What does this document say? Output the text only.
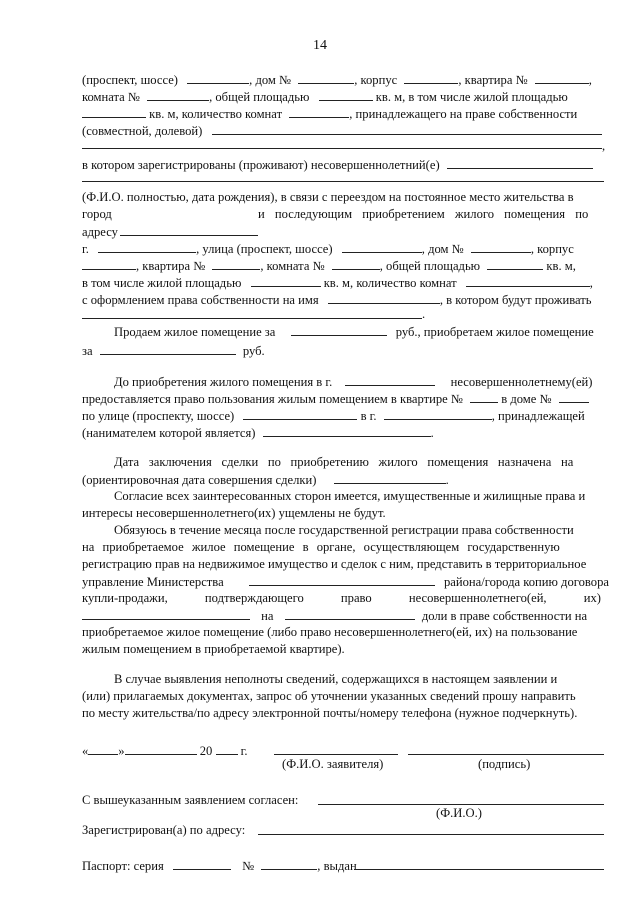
14
(проспект, шоссе)	, дом №	, корпус	, квартира №	,
комната №	, общей площадью	кв. м, в том числе жилой площадью
кв. м, количество комнат	, принадлежащего на праве собственности
(совместной, долевой)
,
в котором зарегистрированы (проживают) несовершеннолетний(е)
(Ф.И.О. полностью, дата рождения), в связи с переездом на постоянное место жительства в
город	и последующим приобретением жилого помещения по
адресу
г.	, улица (проспект, шоссе)	, дом №	, корпус
, квартира №	, комната №	, общей площадью	кв. м,
в том числе жилой площадью	кв. м, количество комнат	,
с оформлением права собственности на имя	, в котором будут проживать
.
Продаем жилое помещение за	руб., приобретаем жилое помещение
за	руб.
До приобретения жилого помещения в г.	несовершеннолетнему(ей)
предоставляется право пользования жилым помещением в квартире №	в доме №
по улице (проспекту, шоссе)	в г.	, принадлежащей
(нанимателем которой является)	.
Дата заключения сделки по приобретению жилого помещения назначена на
(ориентировочная дата совершения сделки)	.
Согласие всех заинтересованных сторон имеется, имущественные и жилищные права и
интересы несовершеннолетнего(их) ущемлены не будут.
Обязуюсь в течение месяца после государственной регистрации права собственности
на приобретаемое жилое помещение в органе, осуществляющем государственную
регистрацию прав на недвижимое имущество и сделок с ним, представить в территориальное
управление Министерства	района/города копию договора
купли-продажи, подтверждающего право несовершеннолетнего(ей, их)
на	доли в праве собственности на
приобретаемое жилое помещение (либо право несовершеннолетнего(ей, их) на пользование
жилым помещением в приобретаемой квартире).
В случае выявления неполноты сведений, содержащихся в настоящем заявлении и
(или) прилагаемых документах, запрос об уточнении указанных сведений прошу направить
по месту жительства/по адресу электронной почты/номеру телефона (нужное подчеркнуть).
« »	20 г.
(Ф.И.О. заявителя)	(подпись)
С вышеуказанным заявлением согласен:
(Ф.И.О.)
Зарегистрирован(а) по адресу:
Паспорт: серия	№	, выдан
